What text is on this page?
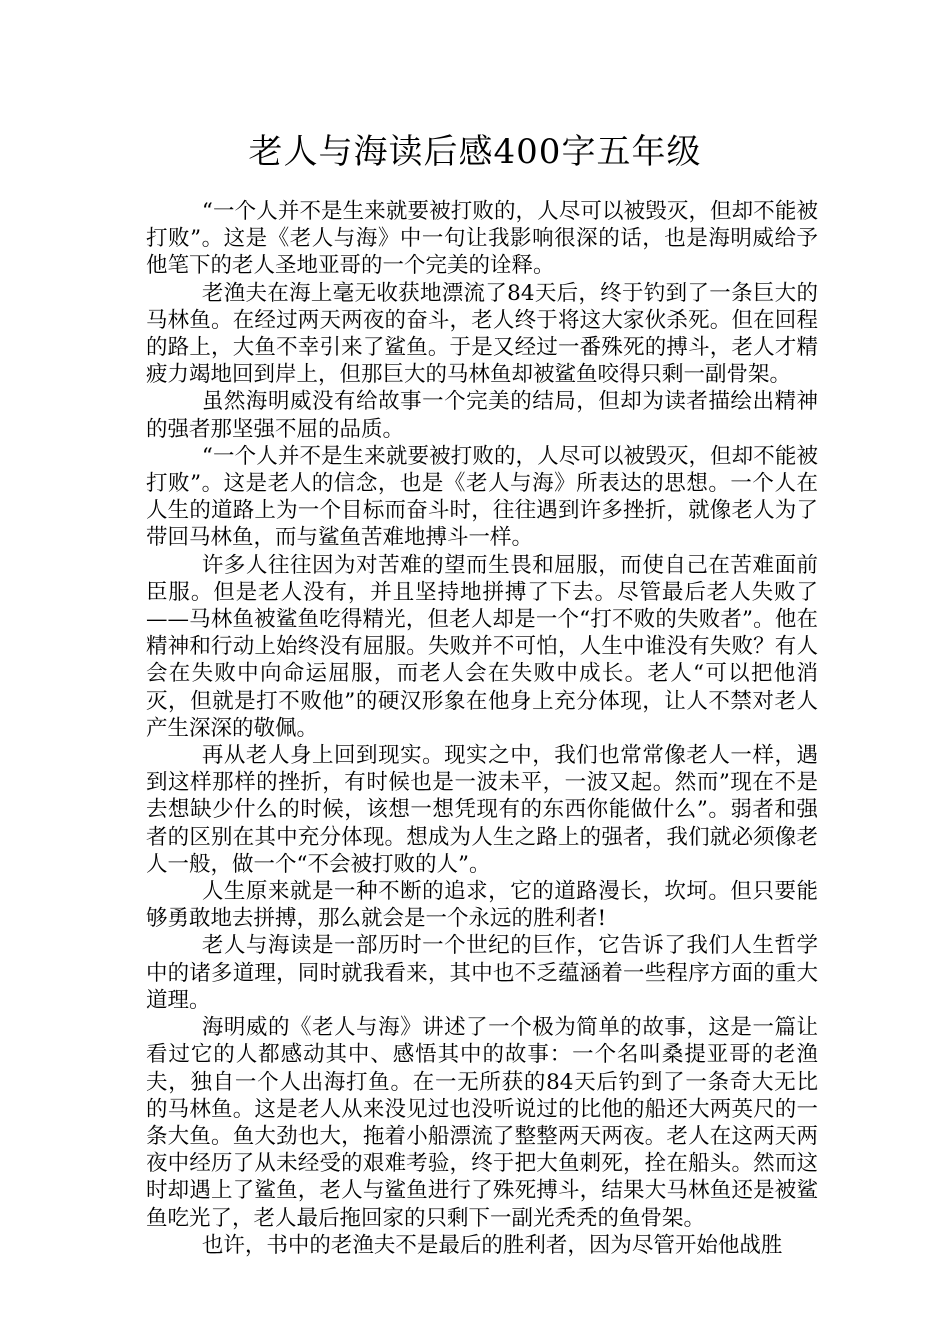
老人与海读后感400字五年级

“一个人并不是生来就要被打败的，人尽可以被毁灭，但却不能被打败”。这是《老人与海》中一句让我影响很深的话，也是海明威给予他笔下的老人圣地亚哥的一个完美的诠释。

老渔夫在海上毫无收获地漂流了84天后，终于钓到了一条巨大的马林鱼。在经过两天两夜的奋斗，老人终于将这大家伙杀死。但在回程的路上，大鱼不幸引来了鲨鱼。于是又经过一番殊死的搏斗，老人才精疲力竭地回到岸上，但那巨大的马林鱼却被鲨鱼咬得只剩一副骨架。

虽然海明威没有给故事一个完美的结局，但却为读者描绘出精神的强者那坚强不屈的品质。

“一个人并不是生来就要被打败的，人尽可以被毁灭，但却不能被打败”。这是老人的信念，也是《老人与海》所表达的思想。一个人在人生的道路上为一个目标而奋斗时，往往遇到许多挫折，就像老人为了带回马林鱼，而与鲨鱼苦难地搏斗一样。

许多人往往因为对苦难的望而生畏和屈服，而使自己在苦难面前臣服。但是老人没有，并且坚持地拼搏了下去。尽管最后老人失败了——马林鱼被鲨鱼吃得精光，但老人却是一个“打不败的失败者”。他在精神和行动上始终没有屈服。失败并不可怕，人生中谁没有失败？有人会在失败中向命运屈服，而老人会在失败中成长。老人“可以把他消灭，但就是打不败他”的硬汉形象在他身上充分体现，让人不禁对老人产生深深的敬佩。

再从老人身上回到现实。现实之中，我们也常常像老人一样，遇到这样那样的挫折，有时候也是一波未平，一波又起。然而”现在不是去想缺少什么的时候，该想一想凭现有的东西你能做什么”。弱者和强者的区别在其中充分体现。想成为人生之路上的强者，我们就必须像老人一般，做一个“不会被打败的人”。

人生原来就是一种不断的追求，它的道路漫长，坎坷。但只要能够勇敢地去拼搏，那么就会是一个永远的胜利者!

老人与海读是一部历时一个世纪的巨作，它告诉了我们人生哲学中的诸多道理，同时就我看来，其中也不乏蕴涵着一些程序方面的重大道理。

海明威的《老人与海》讲述了一个极为简单的故事，这是一篇让看过它的人都感动其中、感悟其中的故事：一个名叫桑提亚哥的老渔夫，独自一个人出海打鱼。在一无所获的84天后钓到了一条奇大无比的马林鱼。这是老人从来没见过也没听说过的比他的船还大两英尺的一条大鱼。鱼大劲也大，拖着小船漂流了整整两天两夜。老人在这两天两夜中经历了从未经受的艰难考验，终于把大鱼刺死，拴在船头。然而这时却遇上了鲨鱼，老人与鲨鱼进行了殊死搏斗，结果大马林鱼还是被鲨鱼吃光了，老人最后拖回家的只剩下一副光秃秃的鱼骨架。

也许，书中的老渔夫不是最后的胜利者，因为尽管开始他战胜
